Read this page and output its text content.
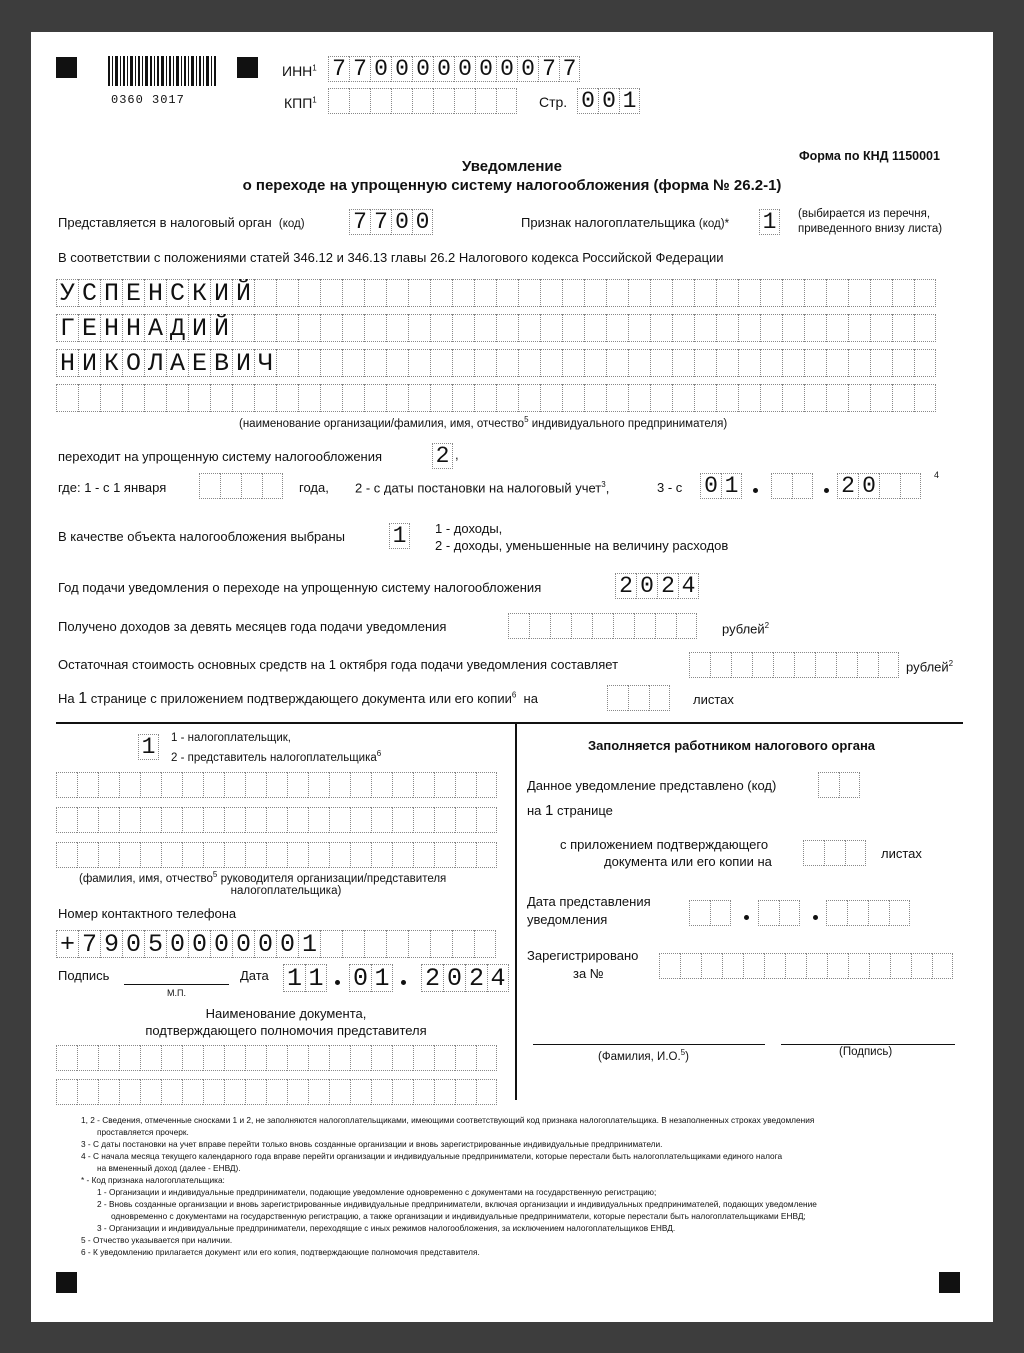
0360 3017
ИНН$^1$ 7 7 0 0 0 0 0 0 0 0 7 7
КПП$^1$	Стр. 0 0 1
Форма по КНД 1150001
Уведомление
о переходе на упрощенную систему налогообложения (форма № 26.2-1)
Представляется в налоговый орган (код) 7 7 0 0	Признак налогоплательщика (код)* 1	(выбирается из перечня,
приведенного внизу листа)
В соответствии с положениями статей 346.12 и 346.13 главы 26.2 Налогового кодекса Российской Федерации
У С П Е Н С К И Й
Г Е Н Н А Д И Й
Н И К О Л А Е В И Ч
(наименование организации/фамилия, имя, отчество$^5$ индивидуального предпринимателя)
переходит на упрощенную систему налогообложения 2 ,
где: 1 - с 1 января	года, 2 - с даты постановки на налоговый учет$^3$,	3 - с 0 1	2 0	4
В качестве объекта налогообложения выбраны 1 1 - доходы,
2 - доходы, уменьшенные на величину расходов
Год подачи уведомления о переходе на упрощенную систему налогообложения	2 0 2 4
Получено доходов за девять месяцев года подачи уведомления	рублей$^2$
Остаточная стоимость основных средств на 1 октября года подачи уведомления составляет	рублей$^2$
На 1 странице с приложением подтверждающего документа или его копии$^6$ на	листах
1	1 - налогоплательщик,
2 - представитель налогоплательщика$^6$
(фамилия, имя, отчество$^5$ руководителя организации/представителя
налогоплательщика)
Номер контактного телефона
+ 7 9 0 5 0 0 0 0 0 0 1
Подпись
М.П.
Дата 1 1 0 1 2 0 2 4
Наименование документа,
подтверждающего полномочия представителя
Заполняется работником налогового органа
Данное уведомление представлено (код)
на 1 странице
с приложением подтверждающего
документа или его копии на
листах
Дата представления
уведомления
Зарегистрировано
за №
(Фамилия, И.О.$^5$)	(Подпись)
1, 2 - Сведения, отмеченные сносками 1 и 2, не заполняются налогоплательщиками, имеющими соответствующий код признака налогоплательщика. В незаполненных строках уведомления
проставляется прочерк.
3 - С даты постановки на учет вправе перейти только вновь созданные организации и вновь зарегистрированные индивидуальные предприниматели.
4 - С начала месяца текущего календарного года вправе перейти организации и индивидуальные предприниматели, которые перестали быть налогоплательщиками единого налога
на вмененный доход (далее - ЕНВД).
* - Код признака налогоплательщика:
1 - Организации и индивидуальные предприниматели, подающие уведомление одновременно с документами на государственную регистрацию;
2 - Вновь созданные организации и вновь зарегистрированные индивидуальные предприниматели, включая организации и индивидуальных предпринимателей, подающих уведомление
одновременно с документами на государственную регистрацию, а также организации и индивидуальные предприниматели, которые перестали быть налогоплательщиками ЕНВД;
3 - Организации и индивидуальные предприниматели, переходящие с иных режимов налогообложения, за исключением налогоплательщиков ЕНВД.
5 - Отчество указывается при наличии.
6 - К уведомлению прилагается документ или его копия, подтверждающие полномочия представителя.
